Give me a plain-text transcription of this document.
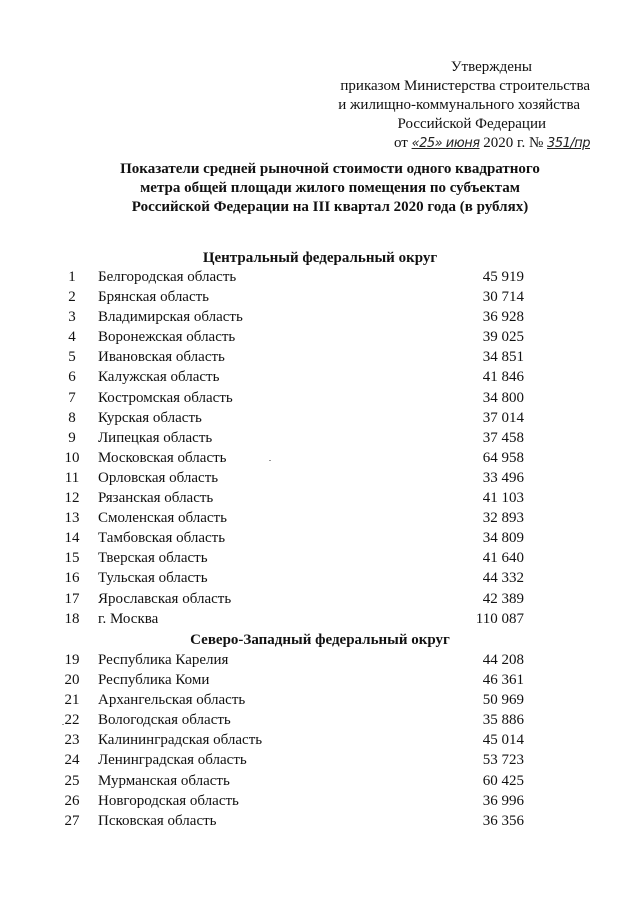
Утверждены
приказом Министерства строительства
и жилищно-коммунального хозяйства
Российской Федерации
от «25» июня 2020 г. № 351/пр
Показатели средней рыночной стоимости одного квадратного
метра общей площади жилого помещения по субъектам
Российской Федерации на III квартал 2020 года (в рублях)
Центральный федеральный округ
1	Белгородская область	45 919
2	Брянская область	30 714
3	Владимирская область	36 928
4	Воронежская область	39 025
5	Ивановская область	34 851
6	Калужская область	41 846
7	Костромская область	34 800
8	Курская область	37 014
9	Липецкая область	37 458
10	Московская область	64 958
11	Орловская область	33 496
12	Рязанская область	41 103
13	Смоленская область	32 893
14	Тамбовская область	34 809
15	Тверская область	41 640
16	Тульская область	44 332
17	Ярославская область	42 389
18	г. Москва	110 087
Северо-Западный федеральный округ
19	Республика Карелия	44 208
20	Республика Коми	46 361
21	Архангельская область	50 969
22	Вологодская область	35 886
23	Калининградская область	45 014
24	Ленинградская область	53 723
25	Мурманская область	60 425
26	Новгородская область	36 996
27	Псковская область	36 356
